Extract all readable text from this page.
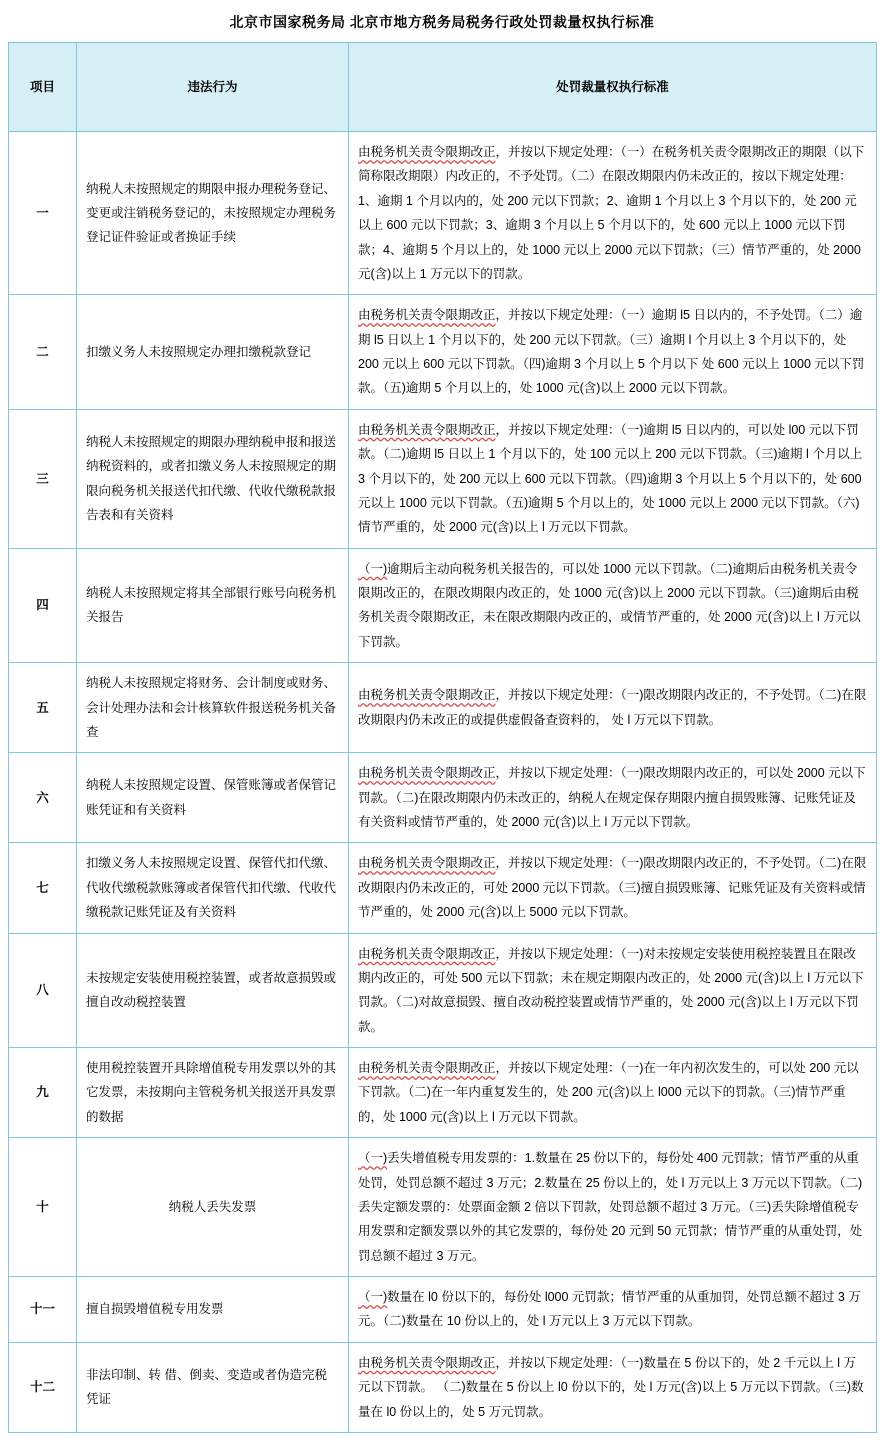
北京市国家税务局 北京市地方税务局税务行政处罚裁量权执行标准
项目	违法行为	处罚裁量权执行标准
一	纳税人未按照规定的期限申报办理税务登记、变更或注销税务登记的，未按照规定办理税务登记证件验证或者换证手续	由税务机关责令限期改正，并按以下规定处理：（一）在税务机关责令限期改正的期限（以下简称限改期限）内改正的，不予处罚。（二）在限改期限内仍未改正的，按以下规定处理：1、逾期 1 个月以内的，处 200 元以下罚款；2、逾期 1 个月以上 3 个月以下的，处 200 元以上 600 元以下罚款；3、逾期 3 个月以上 5 个月以下的，处 600 元以上 1000 元以下罚款；4、逾期 5 个月以上的，处 1000 元以上 2000 元以下罚款；（三）情节严重的，处 2000 元(含)以上 1 万元以下的罚款。
二	扣缴义务人未按照规定办理扣缴税款登记	由税务机关责令限期改正，并按以下规定处理：（一）逾期 l5 日以内的，不予处罚。（二）逾期 l5 日以上 1 个月以下的，处 200 元以下罚款。（三）逾期 l 个月以上 3 个月以下的，处 200 元以上 600 元以下罚款。（四)逾期 3 个月以上 5 个月以下 处 600 元以上 1000 元以下罚款。（五)逾期 5 个月以上的，处 1000 元(含)以上 2000 元以下罚款。
三	纳税人未按照规定的期限办理纳税申报和报送纳税资料的，或者扣缴义务人未按照规定的期限向税务机关报送代扣代缴、代收代缴税款报告表和有关资料	由税务机关责令限期改正，并按以下规定处理：（一)逾期 l5 日以内的，可以处 l00 元以下罚款。（二)逾期 l5 日以上 1 个月以下的，处 100 元以上 200 元以下罚款。（三)逾期 l 个月以上 3 个月以下的，处 200 元以上 600 元以下罚款。（四)逾期 3 个月以上 5 个月以下的，处 600 元以上 1000 元以下罚款。（五)逾期 5 个月以上的，处 1000 元以上 2000 元以下罚款。（六)情节严重的，处 2000 元(含)以上 l 万元以下罚款。
四	纳税人未按照规定将其全部银行账号向税务机关报告	（一)逾期后主动向税务机关报告的，可以处 1000 元以下罚款。（二)逾期后由税务机关责令限期改正的，在限改期限内改正的，处 1000 元(含)以上 2000 元以下罚款。（三)逾期后由税务机关责令限期改正，未在限改期限内改正的，或情节严重的，处 2000 元(含)以上 l 万元以下罚款。
五	纳税人未按照规定将财务、会计制度或财务、会计处理办法和会计核算软件报送税务机关备查	由税务机关责令限期改正，并按以下规定处理：（一)限改期限内改正的，不予处罚。（二)在限改期限内仍未改正的或提供虚假备查资料的， 处 l 万元以下罚款。
六	纳税人未按照规定设置、保管账簿或者保管记账凭证和有关资料	由税务机关责令限期改正，并按以下规定处理：（一)限改期限内改正的，可以处 2000 元以下罚款。（二)在限改期限内仍未改正的，纳税人在规定保存期限内擅自损毁账簿、记账凭证及有关资料或情节严重的，处 2000 元(含)以上 l 万元以下罚款。
七	扣缴义务人未按照规定设置、保管代扣代缴、代收代缴税款账簿或者保管代扣代缴、代收代缴税款记账凭证及有关资料	由税务机关责令限期改正，并按以下规定处理：（一)限改期限内改正的，不予处罚。（二)在限改期限内仍未改正的，可处 2000 元以下罚款。（三)擅自损毁账簿、记账凭证及有关资料或情节严重的，处 2000 元(含)以上 5000 元以下罚款。
八	未按规定安装使用税控装置，或者故意损毁或擅自改动税控装置	由税务机关责令限期改正，并按以下规定处理：（一)对未按规定安装使用税控装置且在限改期内改正的，可处 500 元以下罚款；未在规定期限内改正的，处 2000 元(含)以上 l 万元以下罚款。（二)对故意损毁、擅自改动税控装置或情节严重的，处 2000 元(含)以上 l 万元以下罚款。
九	使用税控装置开具除增值税专用发票以外的其它发票，未按期向主管税务机关报送开具发票的数据	由税务机关责令限期改正，并按以下规定处理：（一)在一年内初次发生的，可以处 200 元以下罚款。（二)在一年内重复发生的，处 200 元(含)以上 l000 元以下的罚款。（三)情节严重的，处 1000 元(含)以上 l 万元以下罚款。
十	纳税人丢失发票	（一)丢失增值税专用发票的：1.数量在 25 份以下的，每份处 400 元罚款；情节严重的从重处罚，处罚总额不超过 3 万元；2.数量在 25 份以上的，处 l 万元以上 3 万元以下罚款。（二)丢失定额发票的：处票面金额 2 倍以下罚款，处罚总额不超过 3 万元。（三)丢失除增值税专用发票和定额发票以外的其它发票的，每份处 20 元到 50 元罚款；情节严重的从重处罚，处罚总额不超过 3 万元。
十一	擅自损毁增值税专用发票	（一)数量在 l0 份以下的，每份处 l000 元罚款；情节严重的从重加罚，处罚总额不超过 3 万元。（二)数量在 10 份以上的，处 l 万元以上 3 万元以下罚款。
十二	非法印制、转 借、倒卖、变造或者伪造完税凭证	由税务机关责令限期改正，并按以下规定处理：（一)数量在 5 份以下的，处 2 千元以上 l 万元以下罚款。 （二)数量在 5 份以上 l0 份以下的，处 l 万元(含)以上 5 万元以下罚款。（三)数量在 l0 份以上的，处 5 万元罚款。
